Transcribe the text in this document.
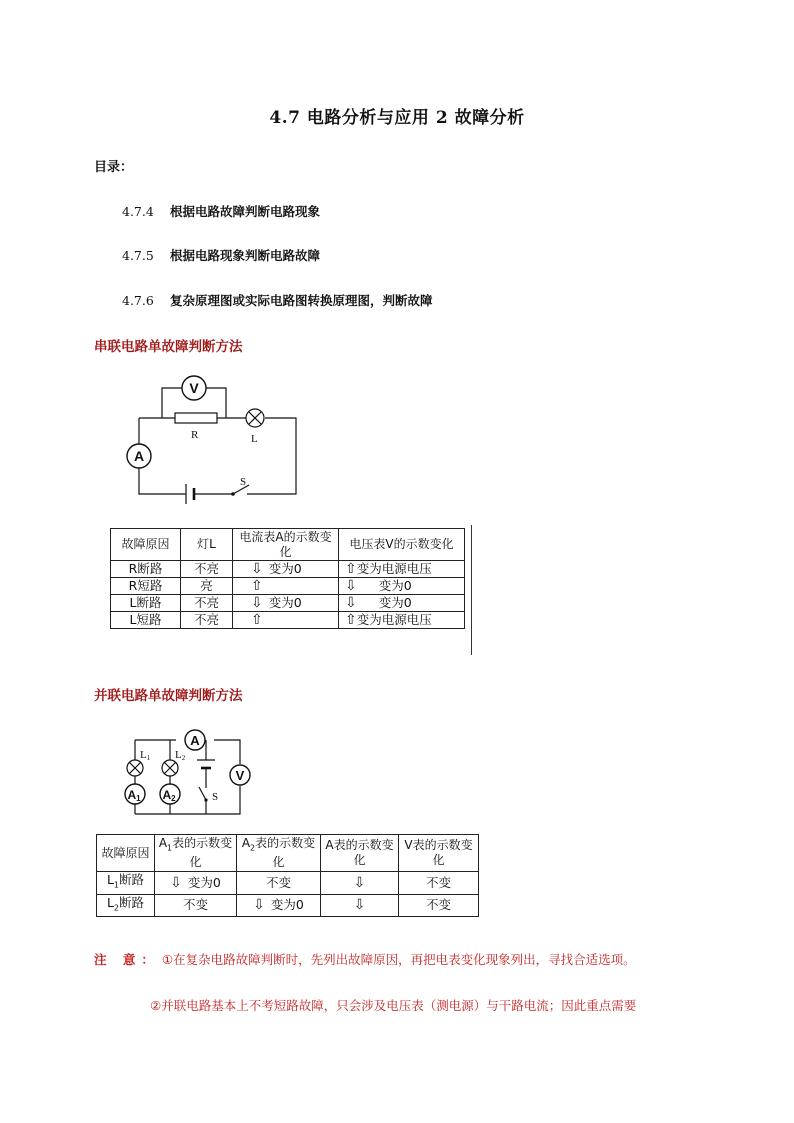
4.7 电路分析与应用 2 故障分析
目录：
4.7.4 根据电路故障判断电路现象
4.7.5 根据电路现象判断电路故障
4.7.6 复杂原理图或实际电路图转换原理图，判断故障
串联电路单故障判断方法
V
R	L
A
S
故障原因	灯L	电流表A的示数变化	电压表V的示数变化
R断路	不亮	⇩ 变为0	⇧变为电源电压
R短路	亮	⇧	⇩ 变为0
L断路	不亮	⇩ 变为0	⇩ 变为0
L短路	不亮	⇧	⇧变为电源电压
并联电路单故障判断方法
A
L1
A1
L2
A2	S
V
故障原因	$A_1$表的示数变化	$A_2$表的示数变化	A表的示数变化	V表的示数变化
$L_1$断路	⇩ 变为0	不变	⇩	不变
$L_2$断路	不变	⇩ 变为0	⇩	不变
注 意： ①在复杂电路故障判断时，先列出故障原因，再把电表变化现象列出，寻找合适选项。
②并联电路基本上不考短路故障，只会涉及电压表（测电源）与干路电流；因此重点需要
